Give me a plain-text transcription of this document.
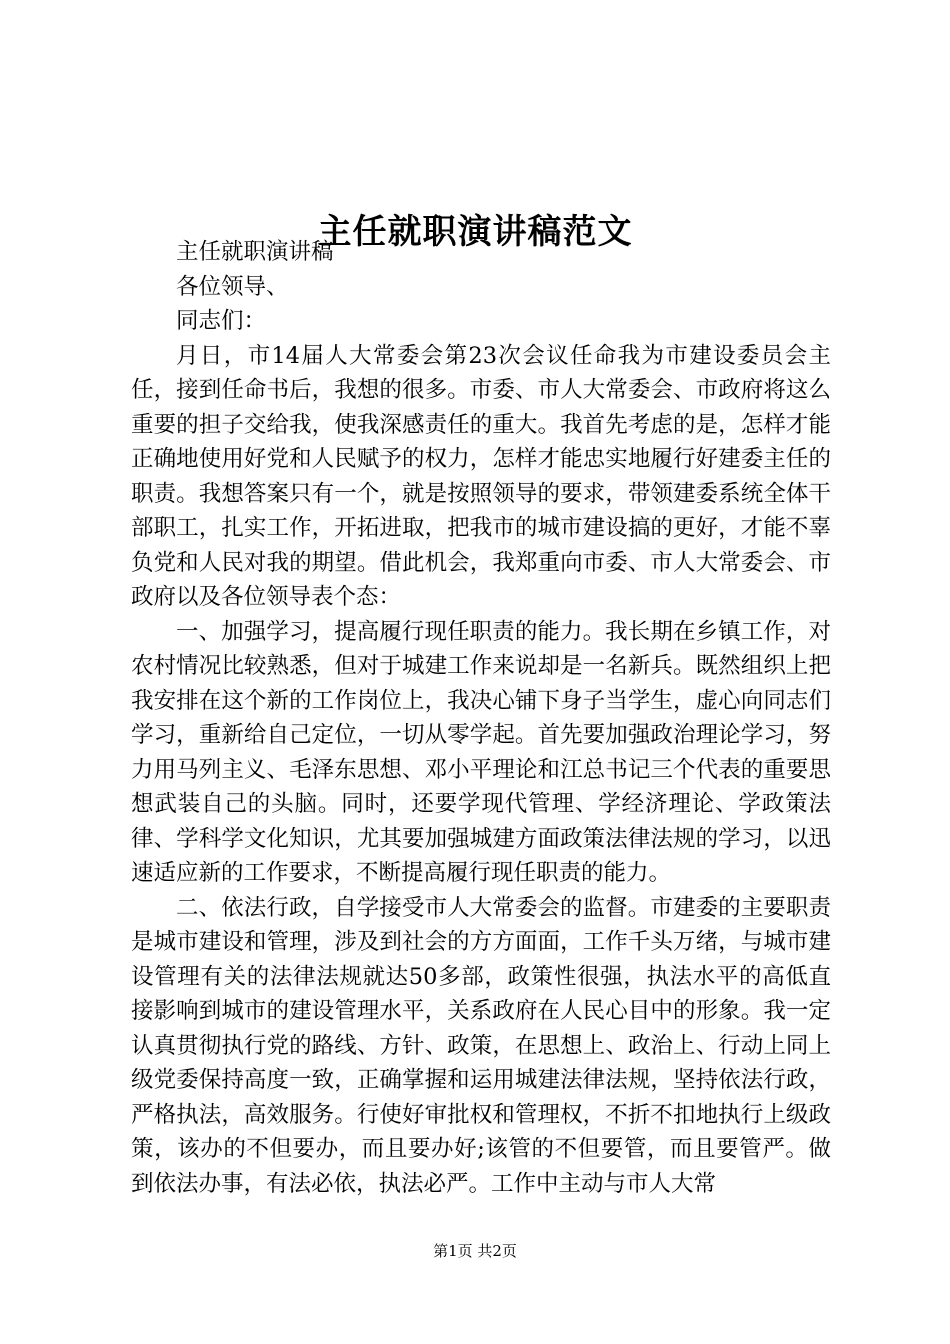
主任就职演讲稿范文

主任就职演讲稿

各位领导、

同志们：

月日，市14届人大常委会第23次会议任命我为市建设委员会主任，接到任命书后，我想的很多。市委、市人大常委会、市政府将这么重要的担子交给我，使我深感责任的重大。我首先考虑的是，怎样才能正确地使用好党和人民赋予的权力，怎样才能忠实地履行好建委主任的职责。我想答案只有一个，就是按照领导的要求，带领建委系统全体干部职工，扎实工作，开拓进取，把我市的城市建设搞的更好，才能不辜负党和人民对我的期望。借此机会，我郑重向市委、市人大常委会、市政府以及各位领导表个态：

一、加强学习，提高履行现任职责的能力。我长期在乡镇工作，对农村情况比较熟悉，但对于城建工作来说却是一名新兵。既然组织上把我安排在这个新的工作岗位上，我决心铺下身子当学生，虚心向同志们学习，重新给自己定位，一切从零学起。首先要加强政治理论学习，努力用马列主义、毛泽东思想、邓小平理论和江总书记三个代表的重要思想武装自己的头脑。同时，还要学现代管理、学经济理论、学政策法律、学科学文化知识，尤其要加强城建方面政策法律法规的学习，以迅速适应新的工作要求，不断提高履行现任职责的能力。

二、依法行政，自学接受市人大常委会的监督。市建委的主要职责是城市建设和管理，涉及到社会的方方面面，工作千头万绪，与城市建设管理有关的法律法规就达50多部，政策性很强，执法水平的高低直接影响到城市的建设管理水平，关系政府在人民心目中的形象。我一定认真贯彻执行党的路线、方针、政策，在思想上、政治上、行动上同上级党委保持高度一致，正确掌握和运用城建法律法规，坚持依法行政，严格执法，高效服务。行使好审批权和管理权，不折不扣地执行上级政策，该办的不但要办，而且要办好;该管的不但要管，而且要管严。做到依法办事，有法必依，执法必严。工作中主动与市人大常

第1页 共2页
